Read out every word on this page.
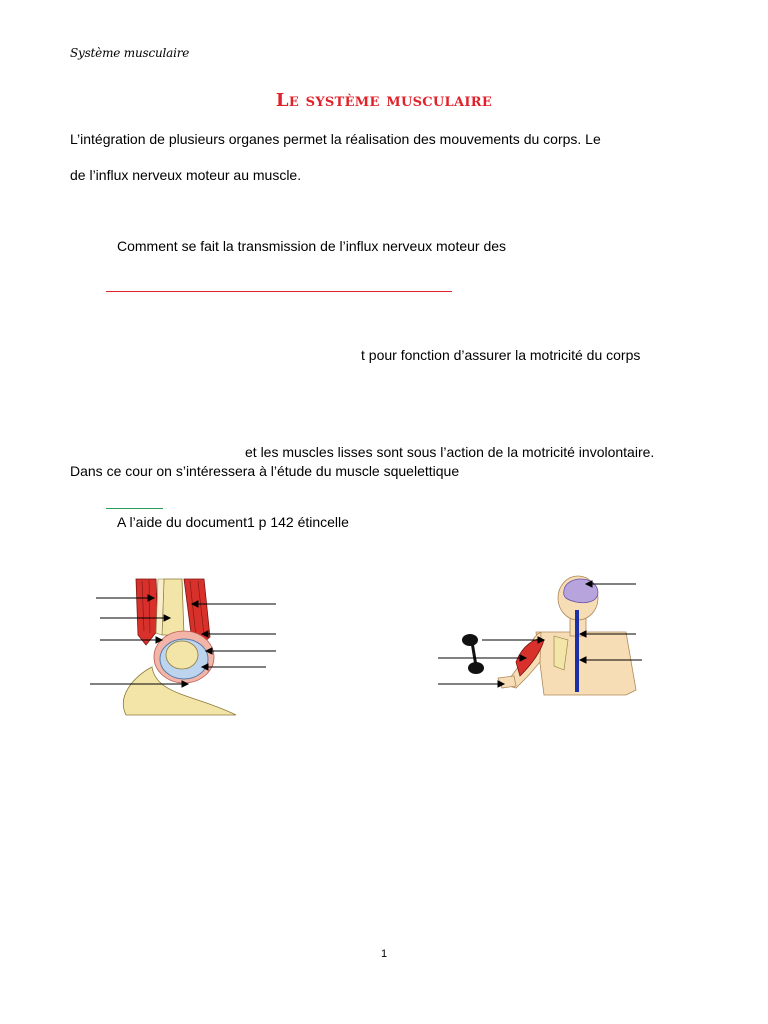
Système musculaire
Le système musculaire
L’intégration de plusieurs organes permet la réalisation des mouvements du corps. Le
de l’influx nerveux moteur au muscle.
Comment se fait la transmission de l’influx nerveux moteur des
t pour fonction d’assurer la motricité du corps
et les muscles lisses sont sous l’action de la motricité involontaire.
Dans ce cour on s’intéressera à l’étude du muscle squelettique
A l’aide du document1 p 142 étincelle
1
